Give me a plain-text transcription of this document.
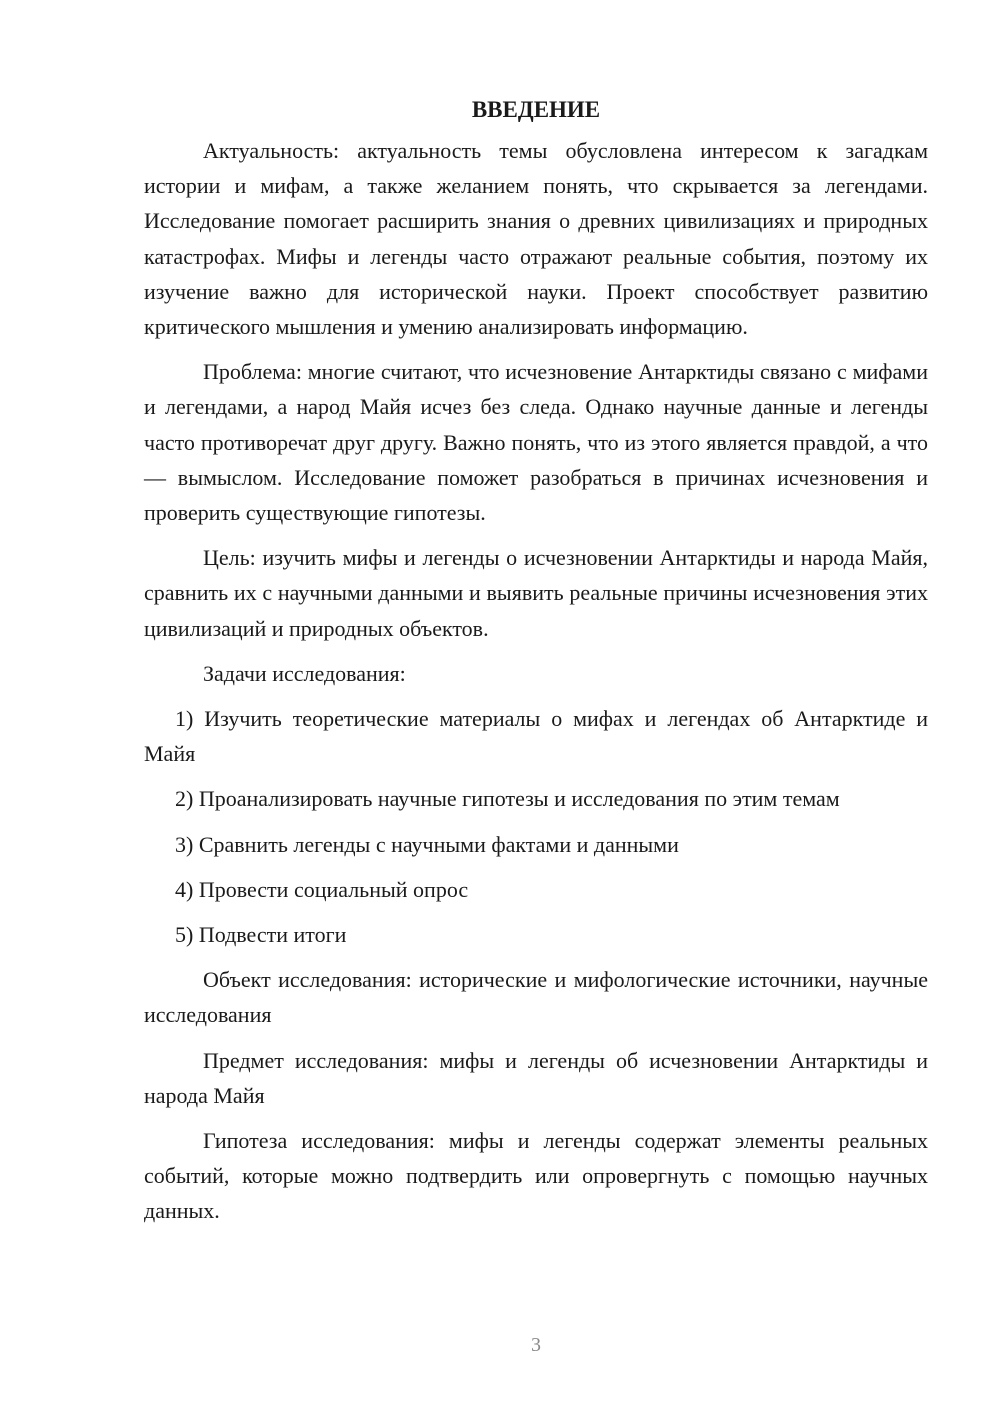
ВВЕДЕНИЕ

Актуальность: актуальность темы обусловлена интересом к загадкам истории и мифам, а также желанием понять, что скрывается за легендами. Исследование помогает расширить знания о древних цивилизациях и природных катастрофах. Мифы и легенды часто отражают реальные события, поэтому их изучение важно для исторической науки. Проект способствует развитию критического мышления и умению анализировать информацию.

Проблема: многие считают, что исчезновение Антарктиды связано с мифами и легендами, а народ Майя исчез без следа. Однако научные данные и легенды часто противоречат друг другу. Важно понять, что из этого является правдой, а что — вымыслом. Исследование поможет разобраться в причинах исчезновения и проверить существующие гипотезы.

Цель: изучить мифы и легенды о исчезновении Антарктиды и народа Майя, сравнить их с научными данными и выявить реальные причины исчезновения этих цивилизаций и природных объектов.

Задачи исследования:

1) Изучить теоретические материалы о мифах и легендах об Антарктиде и Майя

2) Проанализировать научные гипотезы и исследования по этим темам

3) Сравнить легенды с научными фактами и данными

4) Провести социальный опрос

5) Подвести итоги

Объект исследования: исторические и мифологические источники, научные исследования

Предмет исследования: мифы и легенды об исчезновении Антарктиды и народа Майя

Гипотеза исследования: мифы и легенды содержат элементы реальных событий, которые можно подтвердить или опровергнуть с помощью научных данных.

3
